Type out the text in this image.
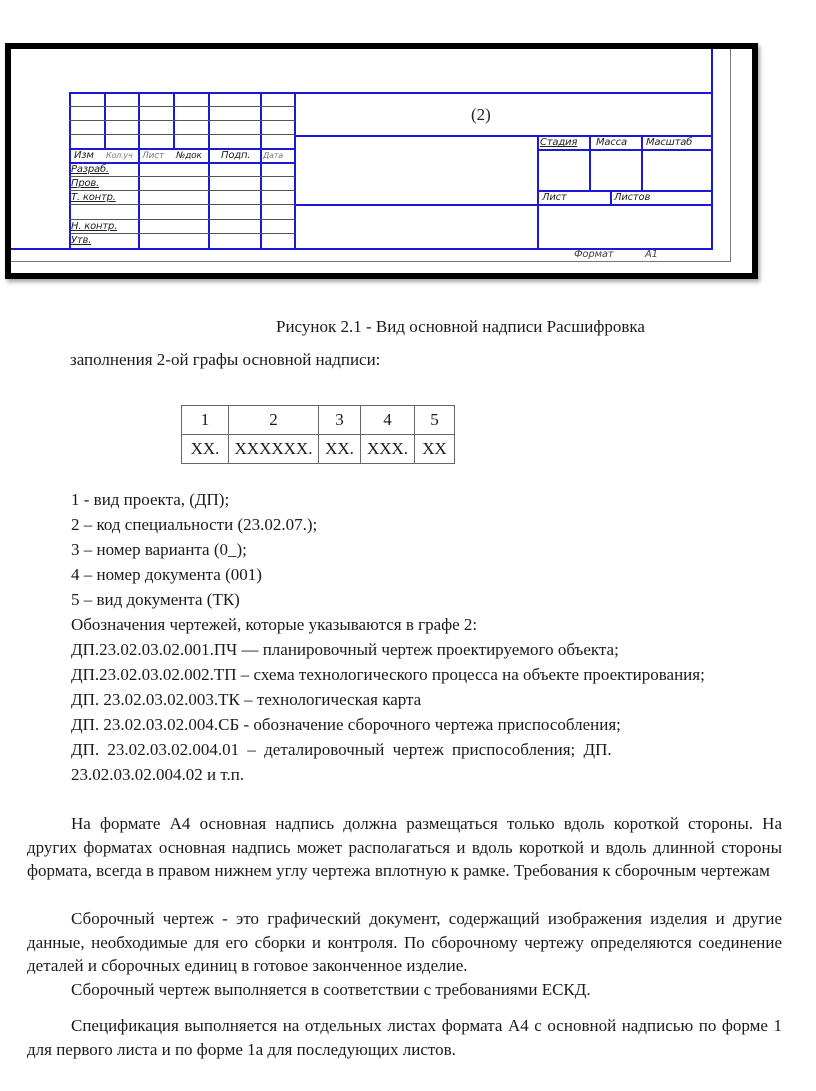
(2)
Изм Кол.уч Лист №док Подп. Дата
Разраб.
Пров.
Т. контр.
Н. контр.
Утв.
Стадия Масса Масштаб
Лист	Листов
Формат	А1
Рисунок 2.1 - Вид основной надписи Расшифровка
заполнения 2-ой графы основной надписи:
1	2	3	4	5
XX.	XXXXXX.	XX.	XXX.	XX
1 - вид проекта, (ДП);
2 – код специальности (23.02.07.);
3 – номер варианта (0_);
4 – номер документа (001)
5 – вид документа (ТК)
Обозначения чертежей, которые указываются в графе 2:
ДП.23.02.03.02.001.ПЧ — планировочный чертеж проектируемого объекта;
ДП.23.02.03.02.002.ТП – схема технологического процесса на объекте проектирования;
ДП. 23.02.03.02.003.ТК – технологическая карта
ДП. 23.02.03.02.004.СБ - обозначение сборочного чертежа приспособления;
ДП. 23.02.03.02.004.01 – деталировочный чертеж приспособления; ДП.
23.02.03.02.004.02 и т.п.
На формате А4 основная надпись должна размещаться только вдоль короткой стороны. На других форматах основная надпись может располагаться и вдоль короткой и вдоль длинной стороны формата, всегда в правом нижнем углу чертежа вплотную к рамке. Требования к сборочным чертежам
Сборочный чертеж - это графический документ, содержащий изображения изделия и другие данные, необходимые для его сборки и контроля. По сборочному чертежу определяются соединение деталей и сборочных единиц в готовое законченное изделие.
Сборочный чертеж выполняется в соответствии с требованиями ЕСКД.
Спецификация выполняется на отдельных листах формата А4 с основной надписью по форме 1 для первого листа и по форме 1а для последующих листов.
